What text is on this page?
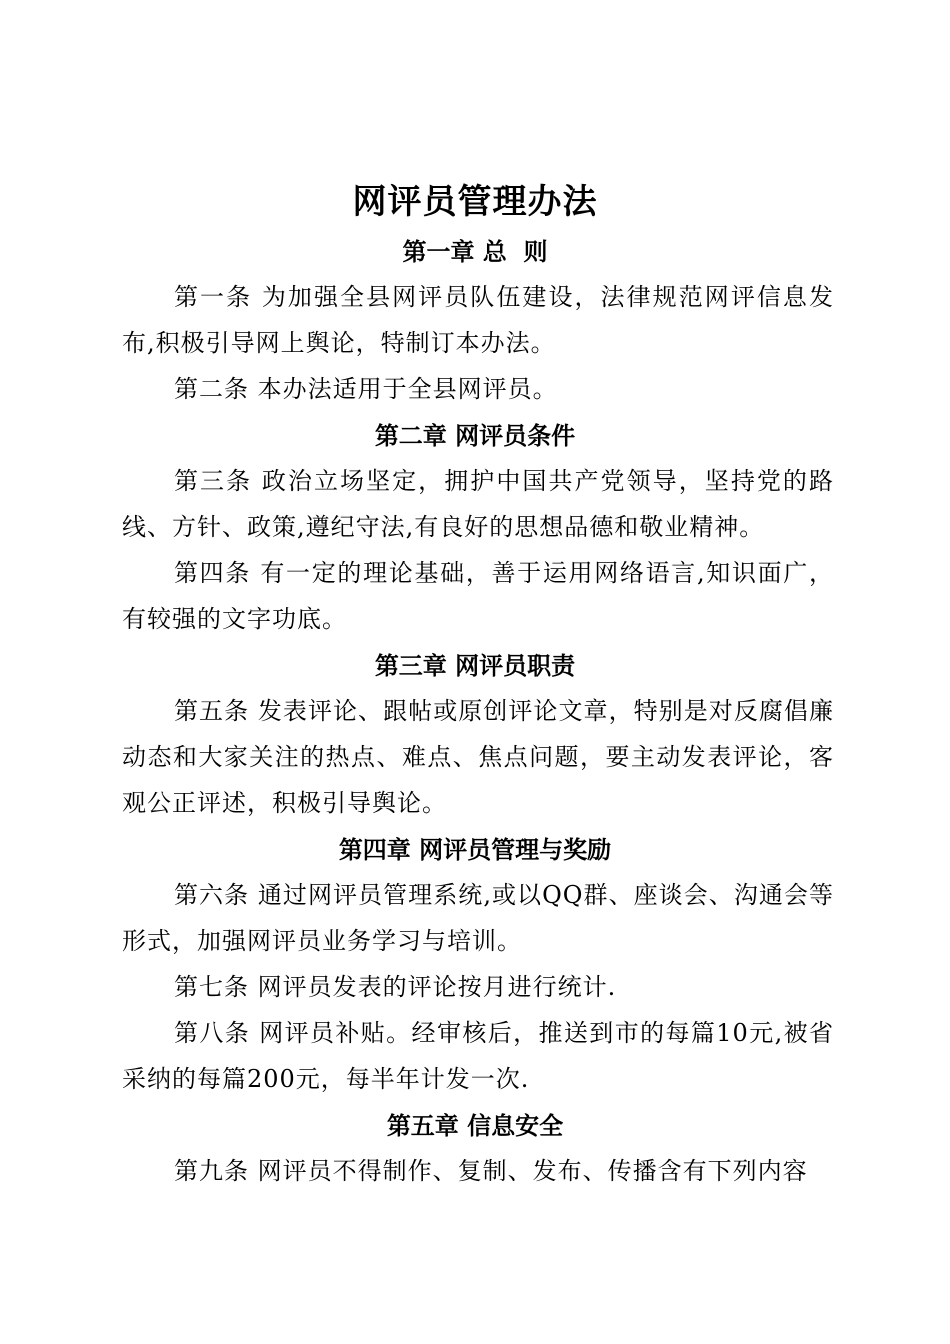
网评员管理办法
第一章 总  则
第一条 为加强全县网评员队伍建设，法律规范网评信息发布,积极引导网上舆论，特制订本办法。
第二条 本办法适用于全县网评员。
第二章 网评员条件
第三条 政治立场坚定，拥护中国共产党领导，坚持党的路线、方针、政策,遵纪守法,有良好的思想品德和敬业精神。
第四条 有一定的理论基础，善于运用网络语言,知识面广，有较强的文字功底。
第三章 网评员职责
第五条 发表评论、跟帖或原创评论文章，特别是对反腐倡廉动态和大家关注的热点、难点、焦点问题，要主动发表评论，客观公正评述，积极引导舆论。
第四章 网评员管理与奖励
第六条 通过网评员管理系统,或以QQ群、座谈会、沟通会等形式，加强网评员业务学习与培训。
第七条 网评员发表的评论按月进行统计.
第八条 网评员补贴。经审核后，推送到市的每篇10元,被省采纳的每篇200元，每半年计发一次.
第五章 信息安全
第九条 网评员不得制作、复制、发布、传播含有下列内容
